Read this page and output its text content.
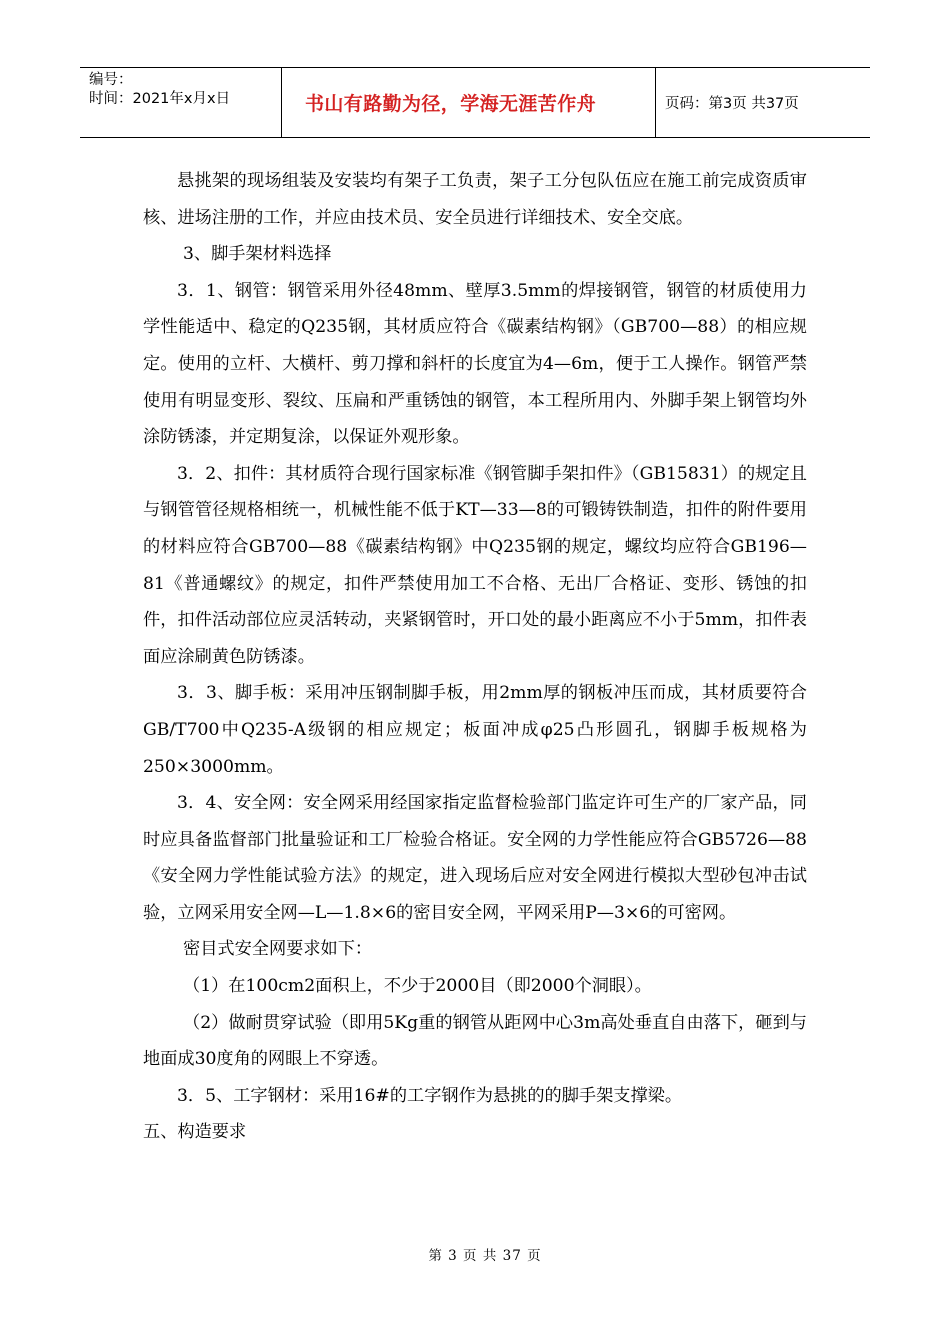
编号：
时间：2021年x月x日	书山有路勤为径，学海无涯苦作舟	页码：第3页 共37页

悬挑架的现场组装及安装均有架子工负责，架子工分包队伍应在施工前完成资质审核、进场注册的工作，并应由技术员、安全员进行详细技术、安全交底。

3、脚手架材料选择

3．1、钢管：钢管采用外径48mm、壁厚3.5mm的焊接钢管，钢管的材质使用力学性能适中、稳定的Q235钢，其材质应符合《碳素结构钢》（GB700—88）的相应规定。使用的立杆、大横杆、剪刀撑和斜杆的长度宜为4—6m，便于工人操作。钢管严禁使用有明显变形、裂纹、压扁和严重锈蚀的钢管，本工程所用内、外脚手架上钢管均外涂防锈漆，并定期复涂，以保证外观形象。

3．2、扣件：其材质符合现行国家标准《钢管脚手架扣件》（GB15831）的规定且与钢管管径规格相统一，机械性能不低于KT—33—8的可锻铸铁制造，扣件的附件要用的材料应符合GB700—88《碳素结构钢》中Q235钢的规定，螺纹均应符合GB196—81《普通螺纹》的规定，扣件严禁使用加工不合格、无出厂合格证、变形、锈蚀的扣件，扣件活动部位应灵活转动，夹紧钢管时，开口处的最小距离应不小于5mm，扣件表面应涂刷黄色防锈漆。

3．3、脚手板：采用冲压钢制脚手板，用2mm厚的钢板冲压而成，其材质要符合GB/T700中Q235-A级钢的相应规定；板面冲成φ25凸形圆孔，钢脚手板规格为250×3000mm。

3．4、安全网：安全网采用经国家指定监督检验部门监定许可生产的厂家产品，同时应具备监督部门批量验证和工厂检验合格证。安全网的力学性能应符合GB5726—88《安全网力学性能试验方法》的规定，进入现场后应对安全网进行模拟大型砂包冲击试验，立网采用安全网—L—1.8×6的密目安全网，平网采用P—3×6的可密网。

密目式安全网要求如下：

（1）在100cm2面积上，不少于2000目（即2000个洞眼）。

（2）做耐贯穿试验（即用5Kg重的钢管从距网中心3m高处垂直自由落下，砸到与地面成30度角的网眼上不穿透。

3．5、工字钢材：采用16#的工字钢作为悬挑的的脚手架支撑梁。

五、构造要求

第 3 页 共 37 页
